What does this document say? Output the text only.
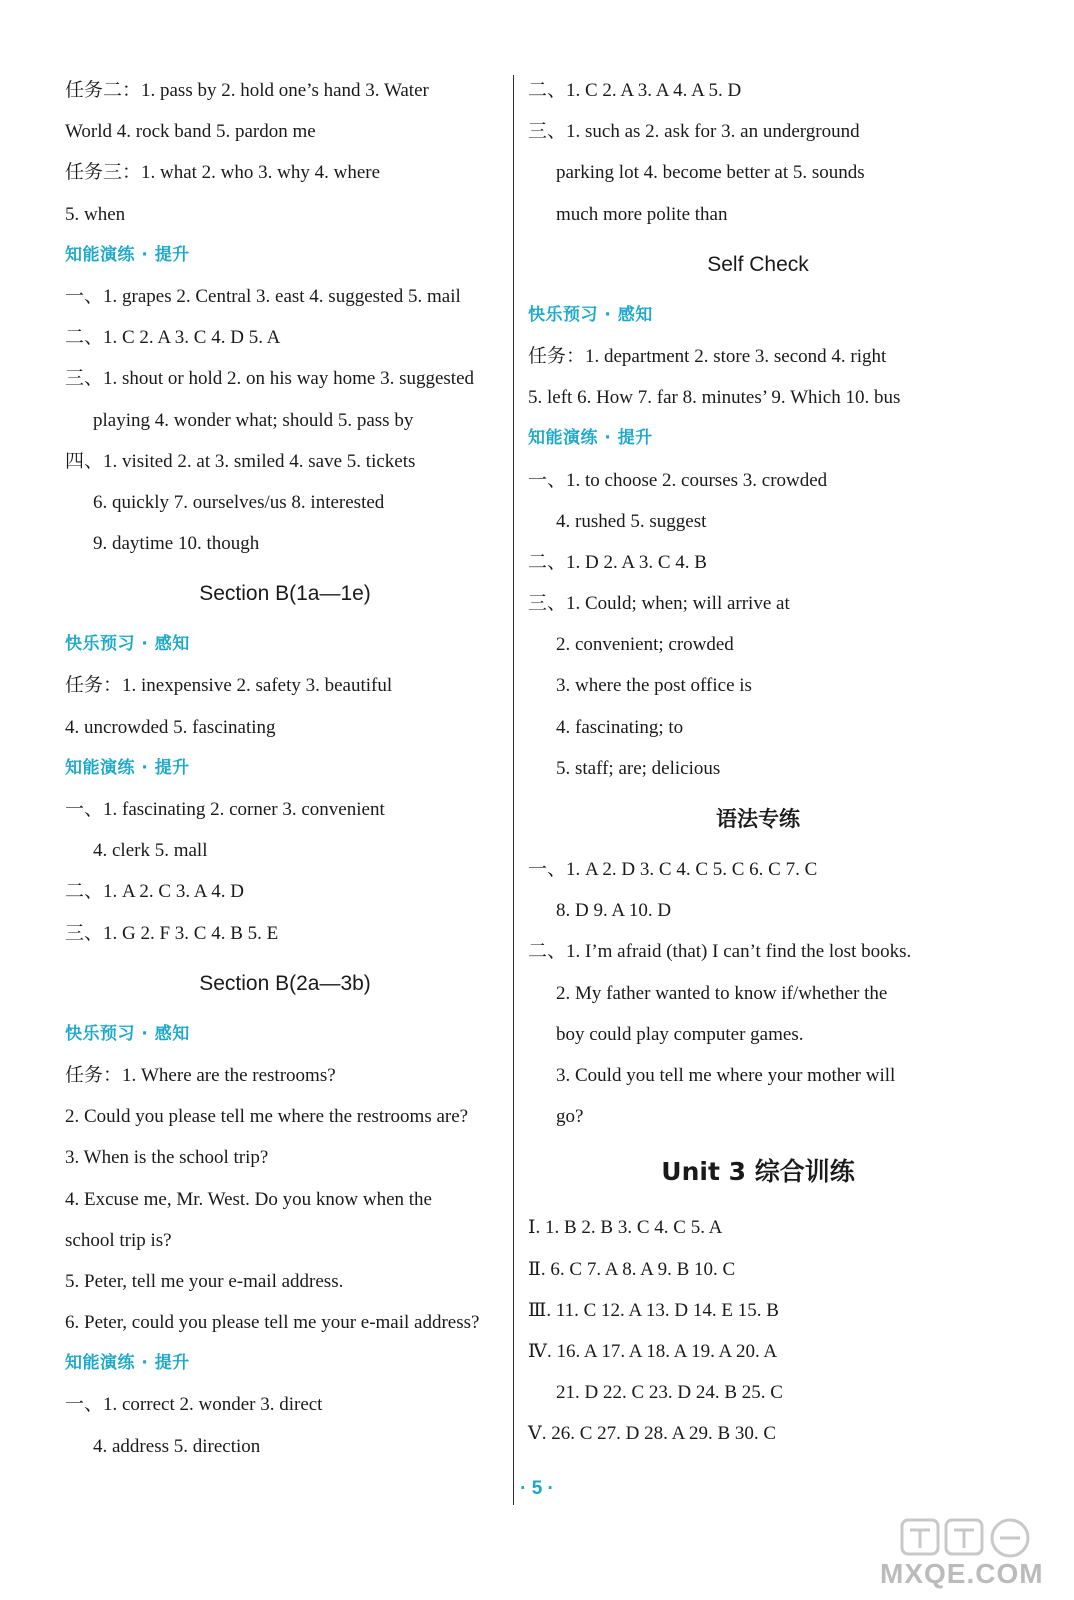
任务二：1. pass by 2. hold one’s hand 3. Water
World 4. rock band 5. pardon me
任务三：1. what 2. who 3. why 4. where
5. when
知能演练 · 提升
一、1. grapes 2. Central 3. east 4. suggested 5. mail
二、1. C 2. A 3. C 4. D 5. A
三、1. shout or hold 2. on his way home 3. suggested
playing 4. wonder what; should 5. pass by
四、1. visited 2. at 3. smiled 4. save 5. tickets
6. quickly 7. ourselves/us 8. interested
9. daytime 10. though
Section B(1a—1e)
快乐预习 · 感知
任务：1. inexpensive 2. safety 3. beautiful
4. uncrowded 5. fascinating
知能演练 · 提升
一、1. fascinating 2. corner 3. convenient
4. clerk 5. mall
二、1. A 2. C 3. A 4. D
三、1. G 2. F 3. C 4. B 5. E
Section B(2a—3b)
快乐预习 · 感知
任务：1. Where are the restrooms?
2. Could you please tell me where the restrooms are?
3. When is the school trip?
4. Excuse me, Mr. West. Do you know when the
school trip is?
5. Peter, tell me your e-mail address.
6. Peter, could you please tell me your e-mail address?
知能演练 · 提升
一、1. correct 2. wonder 3. direct
4. address 5. direction
二、1. C 2. A 3. A 4. A 5. D
三、1. such as 2. ask for 3. an underground
parking lot 4. become better at 5. sounds
much more polite than
Self Check
快乐预习 · 感知
任务：1. department 2. store 3. second 4. right
5. left 6. How 7. far 8. minutes’ 9. Which 10. bus
知能演练 · 提升
一、1. to choose 2. courses 3. crowded
4. rushed 5. suggest
二、1. D 2. A 3. C 4. B
三、1. Could; when; will arrive at
2. convenient; crowded
3. where the post office is
4. fascinating; to
5. staff; are; delicious
语法专练
一、1. A 2. D 3. C 4. C 5. C 6. C 7. C
8. D 9. A 10. D
二、1. I’m afraid (that) I can’t find the lost books.
2. My father wanted to know if/whether the
boy could play computer games.
3. Could you tell me where your mother will
go?
Unit 3 综合训练
Ⅰ. 1. B 2. B 3. C 4. C 5. A
Ⅱ. 6. C 7. A 8. A 9. B 10. C
Ⅲ. 11. C 12. A 13. D 14. E 15. B
Ⅳ. 16. A 17. A 18. A 19. A 20. A
21. D 22. C 23. D 24. B 25. C
Ⅴ. 26. C 27. D 28. A 29. B 30. C
· 5 ·
MXQE.COM
